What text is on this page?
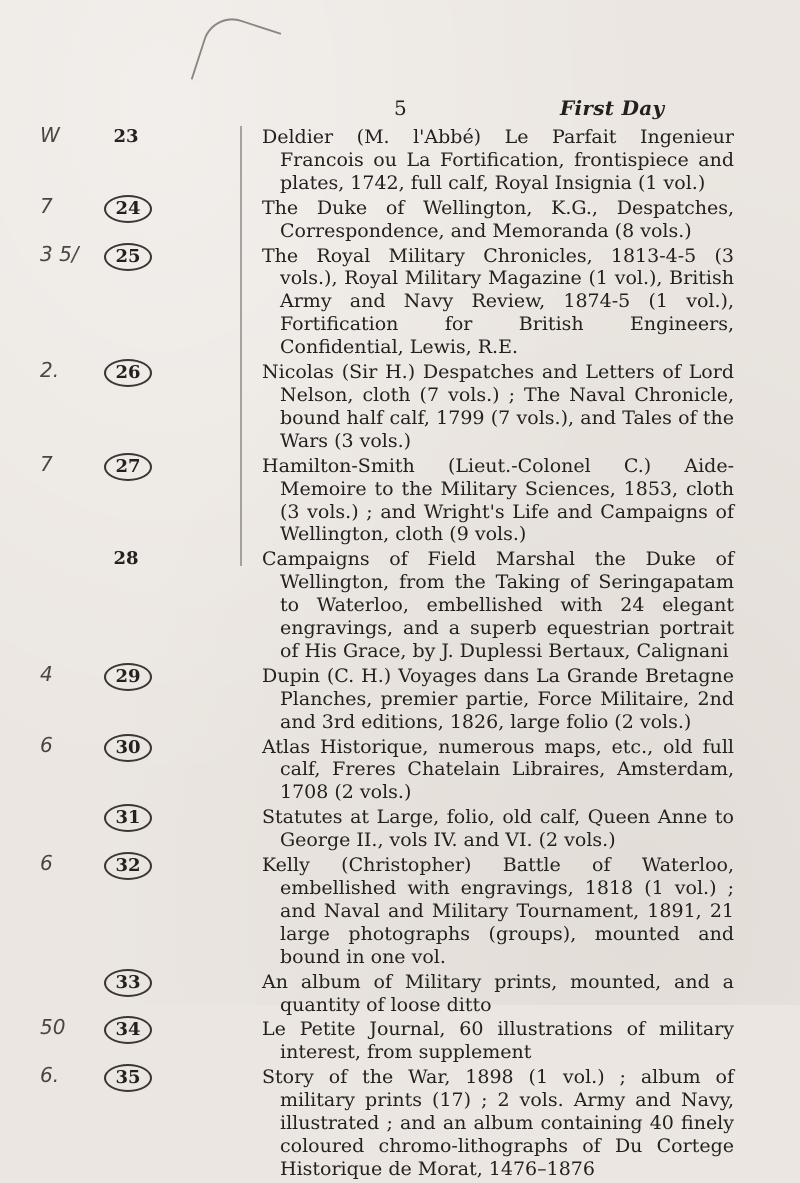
5	First Day
W	23	Deldier (M. l'Abbé) Le Parfait Ingenieur Francois ou La Fortification, frontispiece and plates, 1742, full calf, Royal Insignia (1 vol.)

7	24	The Duke of Wellington, K.G., Despatches, Correspondence, and Memoranda (8 vols.)

3 5/	25	The Royal Military Chronicles, 1813-4-5 (3 vols.), Royal Military Magazine (1 vol.), British Army and Navy Review, 1874-5 (1 vol.), Fortification for British Engineers, Confidential, Lewis, R.E.

2.	26	Nicolas (Sir H.) Despatches and Letters of Lord Nelson, cloth (7 vols.) ; The Naval Chronicle, bound half calf, 1799 (7 vols.), and Tales of the Wars (3 vols.)

7	27	Hamilton-Smith (Lieut.-Colonel C.) Aide-Memoire to the Military Sciences, 1853, cloth (3 vols.) ; and Wright's Life and Campaigns of Wellington, cloth (9 vols.)

28	Campaigns of Field Marshal the Duke of Wellington, from the Taking of Seringapatam to Waterloo, embellished with 24 elegant engravings, and a superb equestrian portrait of His Grace, by J. Duplessi Bertaux, Calignani

4	29	Dupin (C. H.) Voyages dans La Grande Bretagne Planches, premier partie, Force Militaire, 2nd and 3rd editions, 1826, large folio (2 vols.)

6	30	Atlas Historique, numerous maps, etc., old full calf, Freres Chatelain Libraires, Amsterdam, 1708 (2 vols.)

31	Statutes at Large, folio, old calf, Queen Anne to George II., vols IV. and VI. (2 vols.)

6	32	Kelly (Christopher) Battle of Waterloo, embellished with engravings, 1818 (1 vol.) ; and Naval and Military Tournament, 1891, 21 large photographs (groups), mounted and bound in one vol.

33	An album of Military prints, mounted, and a quantity of loose ditto

50	34	Le Petite Journal, 60 illustrations of military interest, from supplement

6.	35	Story of the War, 1898 (1 vol.) ; album of military prints (17) ; 2 vols. Army and Navy, illustrated ; and an album containing 40 finely coloured chromo-lithographs of Du Cortege Historique de Morat, 1476–1876
